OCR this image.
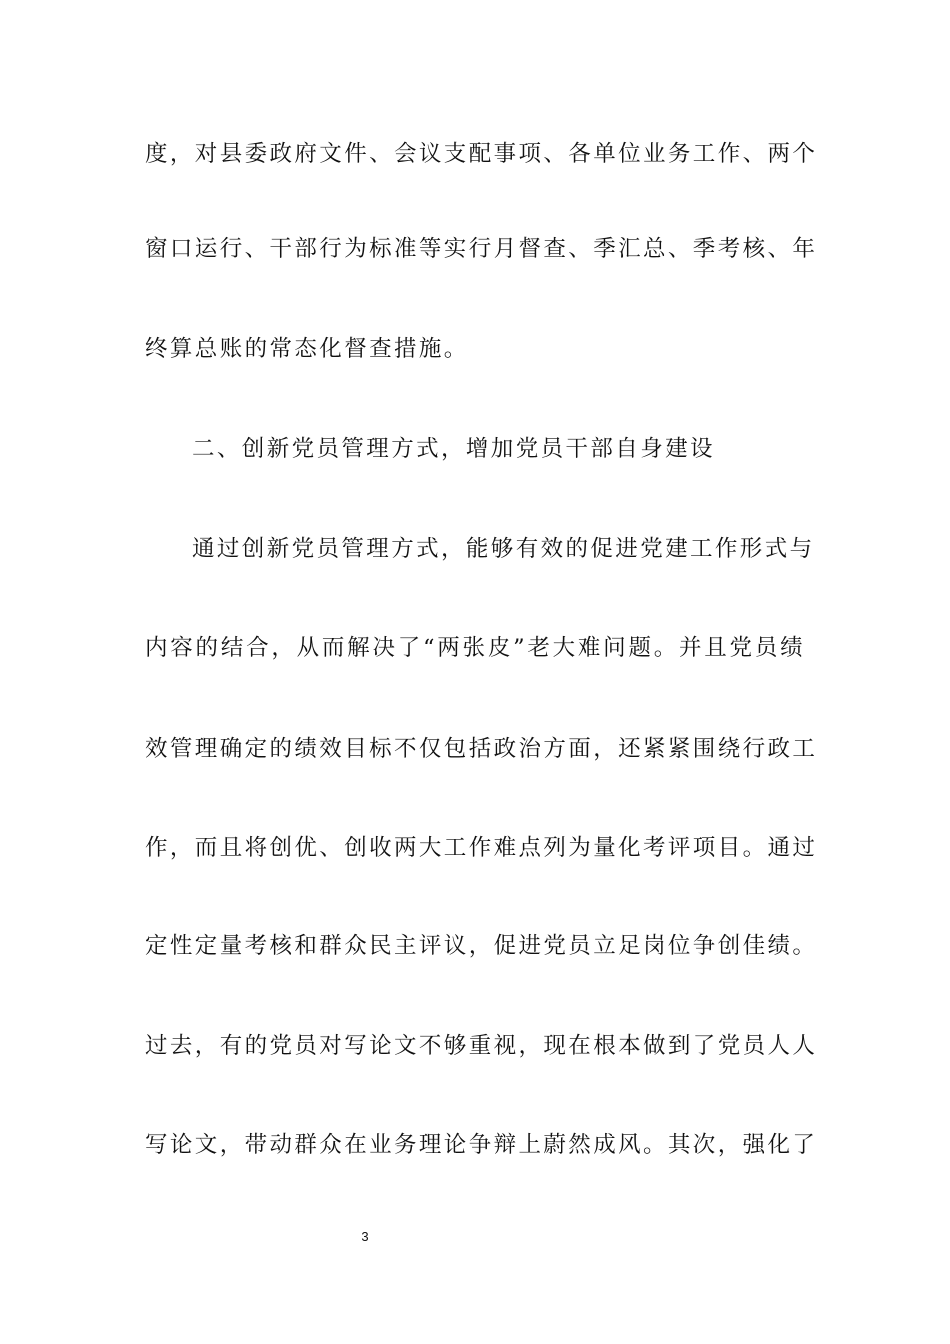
度，对县委政府文件、会议支配事项、各单位业务工作、两个

窗口运行、干部行为标准等实行月督查、季汇总、季考核、年

终算总账的常态化督查措施。

二、创新党员管理方式，增加党员干部自身建设

通过创新党员管理方式，能够有效的促进党建工作形式与

内容的结合，从而解决了“两张皮”老大难问题。并且党员绩

效管理确定的绩效目标不仅包括政治方面，还紧紧围绕行政工

作，而且将创优、创收两大工作难点列为量化考评项目。通过

定性定量考核和群众民主评议，促进党员立足岗位争创佳绩。

过去，有的党员对写论文不够重视，现在根本做到了党员人人

写论文，带动群众在业务理论争辩上蔚然成风。其次，强化了

3
